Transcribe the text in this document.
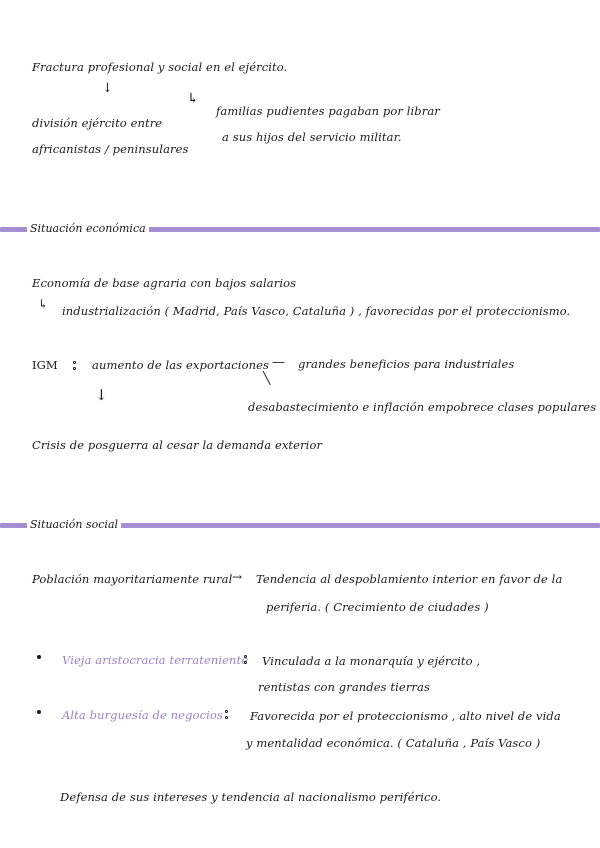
Fractura profesional y social en el ejército.
↓
división ejército entre
africanistas / peninsulares
↳
familias pudientes pagaban por librar
a sus hijos del servicio militar.
Situación económica
Economía de base agraria con bajos salarios
↳ industrialización ( Madrid, País Vasco, Cataluña ) , favorecidas por el proteccionismo.
IGM	aumento de las exportaciones — grandes beneficios para industriales
╲
↓
desabastecimiento e inflación empobrece clases populares
Crisis de posguerra al cesar la demanda exterior
Situación social
Población mayoritariamente rural → Tendencia al despoblamiento interior en favor de la
periferia. ( Crecimiento de ciudades )
Vieja aristocracia terrateniente Vinculada a la monarquía y ejército ,
rentistas con grandes tierras
Alta burguesía de negocios Favorecida por el proteccionismo , alto nivel de vida
y mentalidad económica. ( Cataluña , País Vasco )
Defensa de sus intereses y tendencia al nacionalismo periférico.
